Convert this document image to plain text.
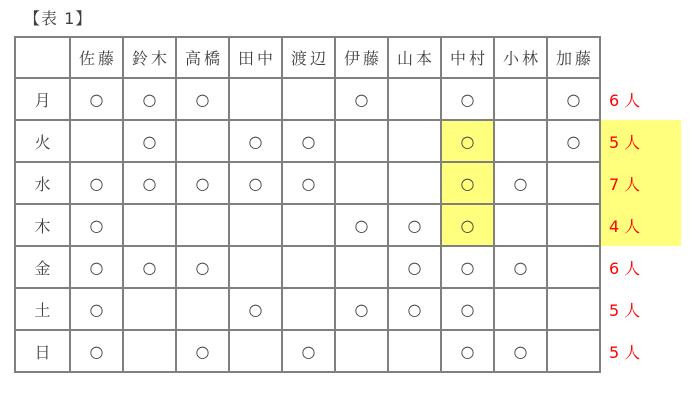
【表 1】
	佐藤	鈴木	高橋	田中	渡辺	伊藤	山本	中村	小林	加藤	
月	○	○	○			○		○		○	6人
火		○		○	○			○		○	5人
水	○	○	○	○	○			○	○		7人
木	○					○	○	○			4人
金	○	○	○				○	○	○		6人
土	○			○		○	○	○			5人
日	○		○		○			○	○		5人
